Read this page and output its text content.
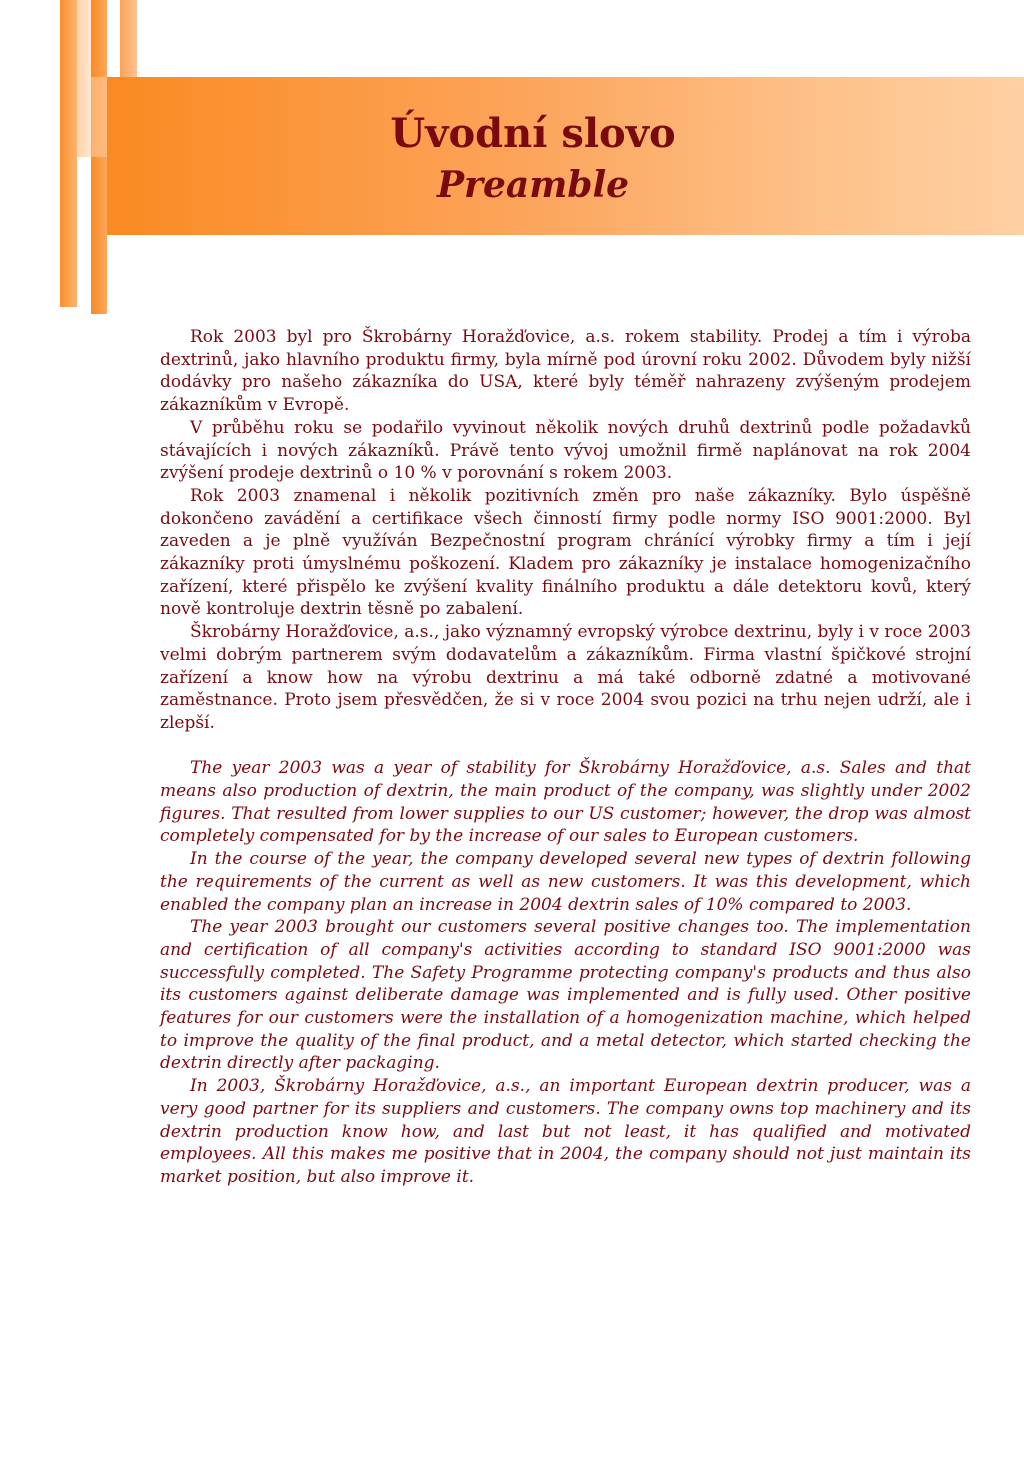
Úvodní slovo
Preamble

Rok 2003 byl pro Škrobárny Horažďovice, a.s. rokem stability. Prodej a tím i výroba dextrinů, jako hlavního produktu firmy, byla mírně pod úrovní roku 2002. Důvodem byly nižší dodávky pro našeho zákazníka do USA, které byly téměř nahrazeny zvýšeným prodejem zákazníkům v Evropě.

V průběhu roku se podařilo vyvinout několik nových druhů dextrinů podle požadavků stávajících i nových zákazníků. Právě tento vývoj umožnil firmě naplánovat na rok 2004 zvýšení prodeje dextrinů o 10 % v porovnání s rokem 2003.

Rok 2003 znamenal i několik pozitivních změn pro naše zákazníky. Bylo úspěšně dokončeno zavádění a certifikace všech činností firmy podle normy ISO 9001:2000. Byl zaveden a je plně využíván Bezpečnostní program chránící výrobky firmy a tím i její zákazníky proti úmyslnému poškození. Kladem pro zákazníky je instalace homogenizačního zařízení, které přispělo ke zvýšení kvality finálního produktu a dále detektoru kovů, který nově kontroluje dextrin těsně po zabalení.

Škrobárny Horažďovice, a.s., jako významný evropský výrobce dextrinu, byly i v roce 2003 velmi dobrým partnerem svým dodavatelům a zákazníkům. Firma vlastní špičkové strojní zařízení a know how na výrobu dextrinu a má také odborně zdatné a motivované zaměstnance. Proto jsem přesvědčen, že si v roce 2004 svou pozici na trhu nejen udrží, ale i zlepší.

The year 2003 was a year of stability for Škrobárny Horažďovice, a.s. Sales and that means also production of dextrin, the main product of the company, was slightly under 2002 figures. That resulted from lower supplies to our US customer; however, the drop was almost completely compensated for by the increase of our sales to European customers.

In the course of the year, the company developed several new types of dextrin following the requirements of the current as well as new customers. It was this development, which enabled the company plan an increase in 2004 dextrin sales of 10% compared to 2003.

The year 2003 brought our customers several positive changes too. The implementation and certification of all company's activities according to standard ISO 9001:2000 was successfully completed. The Safety Programme protecting company's products and thus also its customers against deliberate damage was implemented and is fully used. Other positive features for our customers were the installation of a homogenization machine, which helped to improve the quality of the final product, and a metal detector, which started checking the dextrin directly after packaging.

In 2003, Škrobárny Horažďovice, a.s., an important European dextrin producer, was a very good partner for its suppliers and customers. The company owns top machinery and its dextrin production know how, and last but not least, it has qualified and motivated employees. All this makes me positive that in 2004, the company should not just maintain its market position, but also improve it.
